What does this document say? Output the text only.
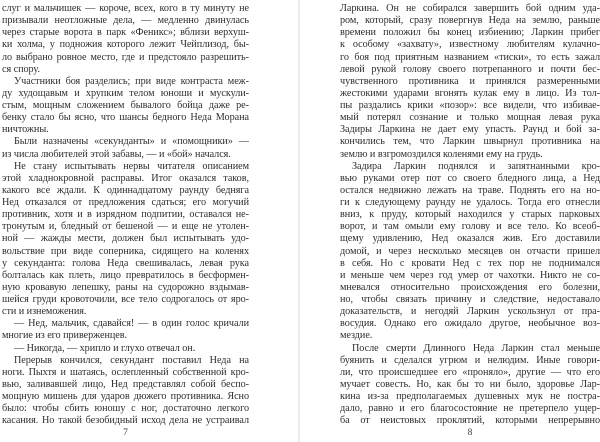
слуг и мальчишек — короче, всех, кого в ту минуту не
призывали неотложные дела, — медленно двинулась
через старые ворота в парк «Феникс»; вблизи верхуш-
ки холма, у подножия которого лежит Чейплизод, бы-
ло выбрано ровное место, где и предстояло разрешить-
ся спору.
Участники боя разделись; при виде контраста меж-
ду худощавым и хрупким телом юноши и мускули-
стым, мощным сложением бывалого бойца даже ре-
бенку стало бы ясно, что шансы бедного Неда Морана
ничтожны.
Были назначены «секунданты» и «помощники» —
из числа любителей этой забавы, — и «бой» начался.
Не стану испытывать нервы читателя описанием
этой хладнокровной расправы. Итог оказался таков,
какого все ждали. К одиннадцатому раунду бедняга
Нед отказался от предложения сдаться; его могучий
противник, хотя и в изрядном подпитии, оставался не-
тронутым и, бледный от бешеной — и еще не утолен-
ной — жажды мести, должен был испытывать удо-
вольствие при виде соперника, сидящего на коленях
у секунданта: голова Неда свешивалась, левая рука
болталась как плеть, лицо превратилось в бесформен-
ную кровавую лепешку, раны на судорожно вздымав-
шейся груди кровоточили, все тело содрогалось от яро-
сти и изнеможения.
— Нед, мальчик, сдавайся! — в один голос кричали
многие из его приверженцев.
— Никогда, — хрипло и глухо отвечал он.
Перерыв кончился, секундант поставил Неда на
ноги. Пыхтя и шатаясь, ослепленный собственной кро-
вью, заливавшей лицо, Нед представлял собой беспо-
мощную мишень для ударов дюжего противника. Ясно
было: чтобы сбить юношу с ног, достаточно легкого
касания. Но такой безобидный исход дела не устраивал
7
Ларкина. Он не собирался завершить бой одним уда-
ром, который, сразу повергнув Неда на землю, раньше
времени положил бы конец избиению; Ларкин прибег
к особому «захвату», известному любителям кулачно-
го боя под приятным названием «тиски», то есть зажал
левой рукой голову своего потрепанного и почти бес-
чувственного противника и принялся размеренными
жестокими ударами вгонять кулак ему в лицо. Из тол-
пы раздались крики «позор»: все видели, что избивае-
мый потерял сознание и только мощная левая рука
Задиры Ларкина не дает ему упасть. Раунд и бой за-
кончились тем, что Ларкин швырнул противника на
землю и взгромоздился коленями ему на грудь.
Задира Ларкин поднялся и запятнанными кро-
вью руками отер пот со своего бледного лица, а Нед
остался недвижно лежать на траве. Поднять его на но-
ги к следующему раунду не удалось. Тогда его отнесли
вниз, к пруду, который находился у старых парковых
ворот, и там омыли ему голову и все тело. Ко всеоб-
щему удивлению, Нед оказался жив. Его доставили
домой, и через несколько месяцев он отчасти пришел
в себя. Но с кровати Нед с тех пор не поднимался
и меньше чем через год умер от чахотки. Никто не со-
мневался относительно происхождения его болезни,
но, чтобы связать причину и следствие, недоставало
доказательств, и негодяй Ларкин ускользнул от пра-
восудия. Однако его ожидало другое, необычное воз-
мездие.
После смерти Длинного Неда Ларкин стал меньше
буянить и сделался угрюм и нелюдим. Иные говори-
ли, что происшедшее его «проняло», другие — что его
мучает совесть. Но, как бы то ни было, здоровье Лар-
кина из-за предполагаемых душевных мук не постра-
дало, равно и его благосостояние не претерпело ущер-
ба от неистовых проклятий, которыми непрерывно
8
